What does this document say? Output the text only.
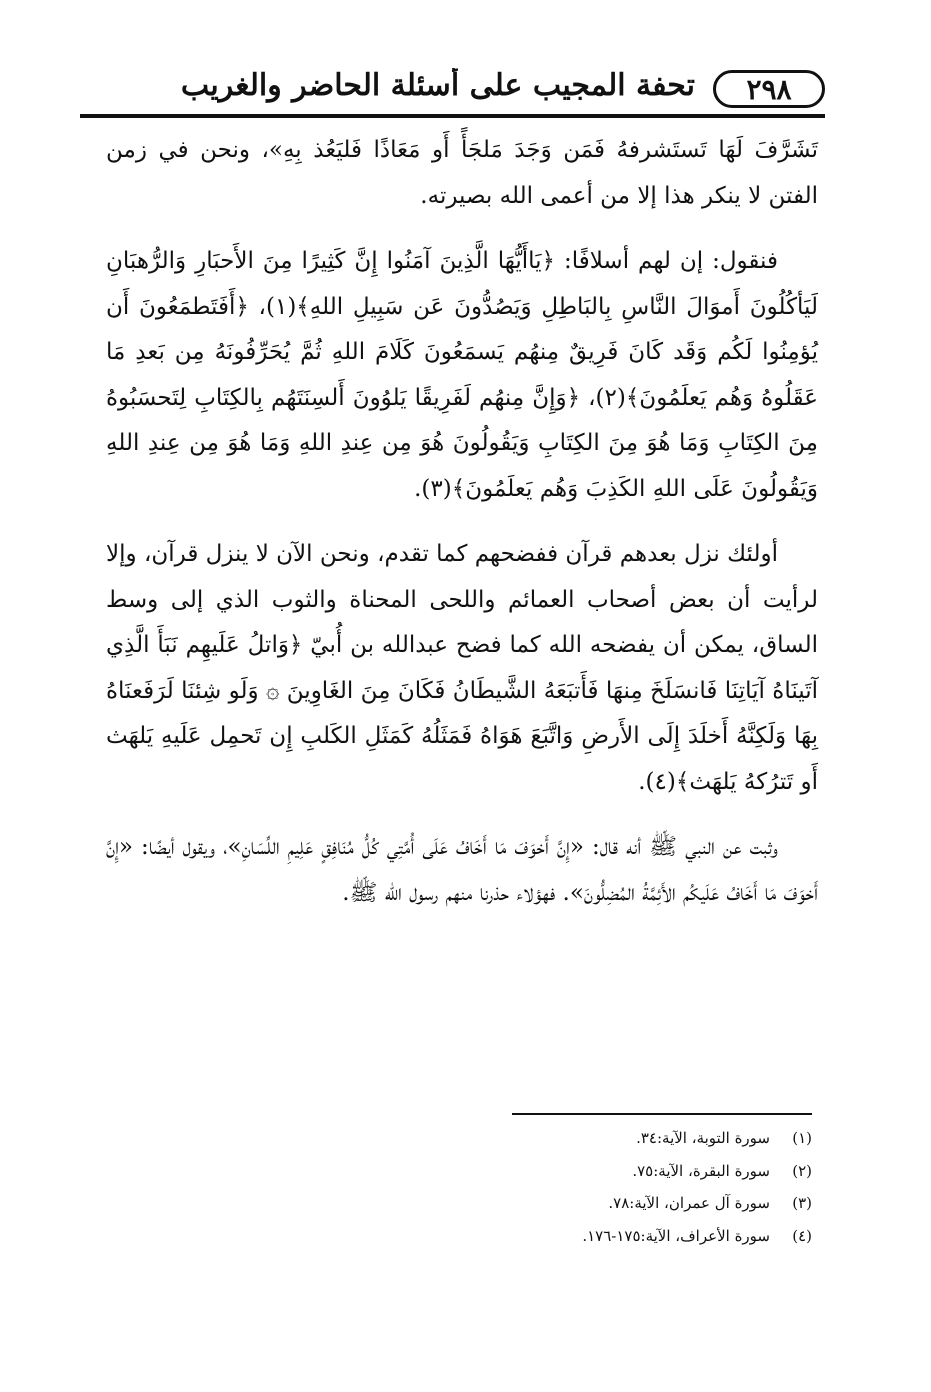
٢٩٨
تحفة المجيب على أسئلة الحاضر والغريب

تَشَرَّفَ لَهَا تَستَشرفهُ فَمَن وَجَدَ مَلجَأً أَو مَعَاذًا فَليَعُذ بِهِ»، ونحن في زمن الفتن لا ينكر هذا إلا من أعمى الله بصيرته.

فنقول: إن لهم أسلافًا: ﴿يَاأَيُّهَا الَّذِينَ آمَنُوا إِنَّ كَثِيرًا مِنَ الأَحبَارِ وَالرُّهبَانِ لَيَأكُلُونَ أَموَالَ النَّاسِ بِالبَاطِلِ وَيَصُدُّونَ عَن سَبِيلِ اللهِ﴾(١)، ﴿أَفَتَطمَعُونَ أَن يُؤمِنُوا لَكُم وَقَد كَانَ فَرِيقٌ مِنهُم يَسمَعُونَ كَلَامَ اللهِ ثُمَّ يُحَرِّفُونَهُ مِن بَعدِ مَا عَقَلُوهُ وَهُم يَعلَمُونَ﴾(٢)، ﴿وَإِنَّ مِنهُم لَفَرِيقًا يَلوُونَ أَلسِنَتَهُم بِالكِتَابِ لِتَحسَبُوهُ مِنَ الكِتَابِ وَمَا هُوَ مِنَ الكِتَابِ وَيَقُولُونَ هُوَ مِن عِندِ اللهِ وَمَا هُوَ مِن عِندِ اللهِ وَيَقُولُونَ عَلَى اللهِ الكَذِبَ وَهُم يَعلَمُونَ﴾(٣).

أولئك نزل بعدهم قرآن ففضحهم كما تقدم، ونحن الآن لا ينزل قرآن، وإلا لرأيت أن بعض أصحاب العمائم واللحى المحناة والثوب الذي إلى وسط الساق، يمكن أن يفضحه الله كما فضح عبدالله بن أُبيّ ﴿وَاتلُ عَلَيهِم نَبَأَ الَّذِي آتَينَاهُ آيَاتِنَا فَانسَلَخَ مِنهَا فَأَتبَعَهُ الشَّيطَانُ فَكَانَ مِنَ الغَاوِينَ ۞ وَلَو شِئنَا لَرَفَعنَاهُ بِهَا وَلَكِنَّهُ أَخلَدَ إِلَى الأَرضِ وَاتَّبَعَ هَوَاهُ فَمَثَلُهُ كَمَثَلِ الكَلبِ إِن تَحمِل عَلَيهِ يَلهَث أَو تَترُكهُ يَلهَث﴾(٤).

وثبت عن النبي ﷺ أنه قال: «إِنَّ أَخوَفَ مَا أَخَافُ عَلَى أُمَّتِي كُلُّ مُنَافِقٍ عَلِيمِ اللِّسَانِ»، ويقول أيضًا: «إِنَّ أَخوَفَ مَا أَخَافُ عَلَيكُم الأَئِمَّةُ المُضِلُّونَ». فهؤلاء حذرنا منهم رسول الله ﷺ.

(١)
سورة التوبة، الآية:٣٤.
(٢)
سورة البقرة، الآية:٧٥.
(٣)
سورة آل عمران، الآية:٧٨.
(٤)
سورة الأعراف، الآية:١٧٥-١٧٦.
